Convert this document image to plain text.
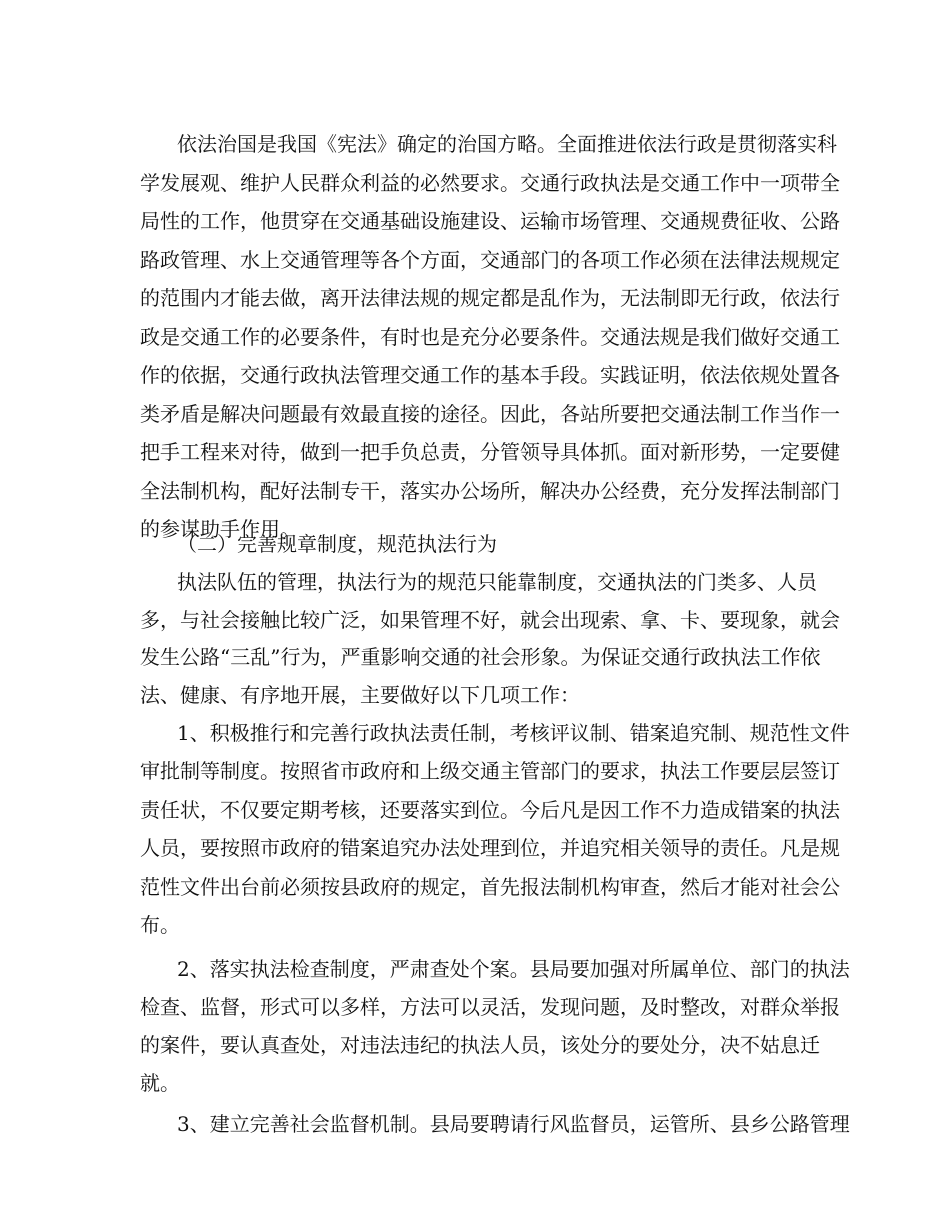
依法治国是我国《宪法》确定的治国方略。全面推进依法行政是贯彻落实科
学发展观、维护人民群众利益的必然要求。交通行政执法是交通工作中一项带全
局性的工作，他贯穿在交通基础设施建设、运输市场管理、交通规费征收、公路
路政管理、水上交通管理等各个方面，交通部门的各项工作必须在法律法规规定
的范围内才能去做，离开法律法规的规定都是乱作为，无法制即无行政，依法行
政是交通工作的必要条件，有时也是充分必要条件。交通法规是我们做好交通工
作的依据，交通行政执法管理交通工作的基本手段。实践证明，依法依规处置各
类矛盾是解决问题最有效最直接的途径。因此，各站所要把交通法制工作当作一
把手工程来对待，做到一把手负总责，分管领导具体抓。面对新形势，一定要健
全法制机构，配好法制专干，落实办公场所，解决办公经费，充分发挥法制部门
的参谋助手作用。
（二）完善规章制度，规范执法行为
执法队伍的管理，执法行为的规范只能靠制度，交通执法的门类多、人员
多，与社会接触比较广泛，如果管理不好，就会出现索、拿、卡、要现象，就会
发生公路“三乱”行为，严重影响交通的社会形象。为保证交通行政执法工作依
法、健康、有序地开展，主要做好以下几项工作：
1、积极推行和完善行政执法责任制，考核评议制、错案追究制、规范性文件
审批制等制度。按照省市政府和上级交通主管部门的要求，执法工作要层层签订
责任状，不仅要定期考核，还要落实到位。今后凡是因工作不力造成错案的执法
人员，要按照市政府的错案追究办法处理到位，并追究相关领导的责任。凡是规
范性文件出台前必须按县政府的规定，首先报法制机构审查，然后才能对社会公
布。
2、落实执法检查制度，严肃查处个案。县局要加强对所属单位、部门的执法
检查、监督，形式可以多样，方法可以灵活，发现问题，及时整改，对群众举报
的案件，要认真查处，对违法违纪的执法人员，该处分的要处分，决不姑息迁
就。
3、建立完善社会监督机制。县局要聘请行风监督员，运管所、县乡公路管理
